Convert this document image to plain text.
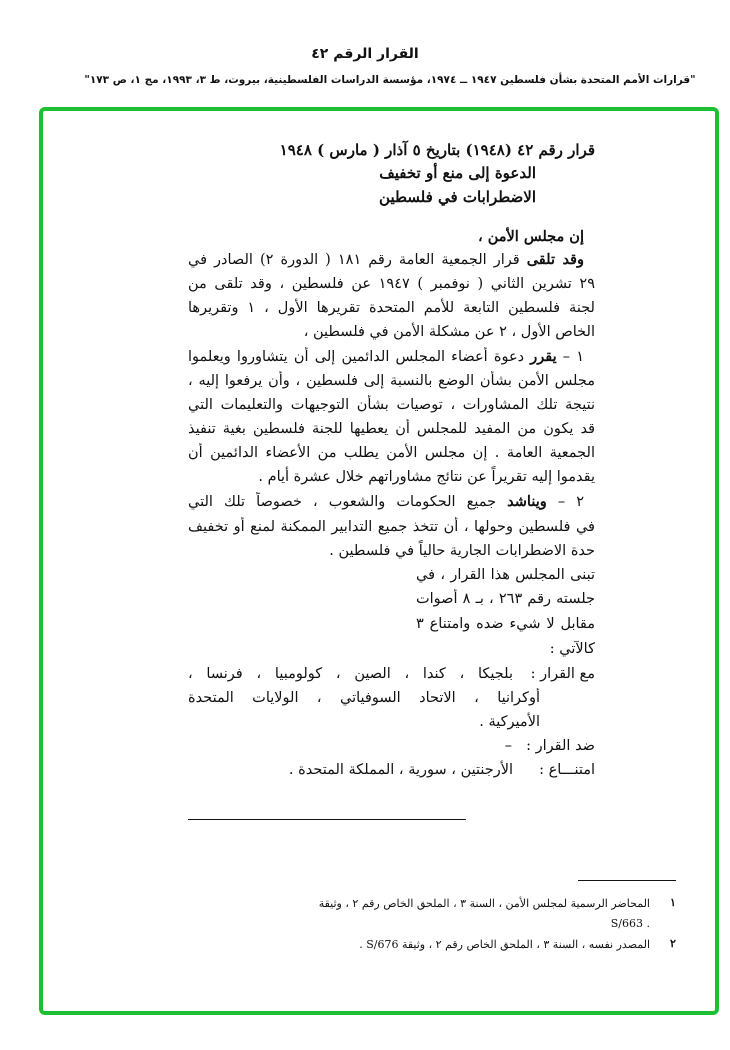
القرار الرقم ٤٢
"قرارات الأمم المتحدة بشأن فلسطين ١٩٤٧ ــ ١٩٧٤، مؤسسة الدراسات الفلسطينية، بيروت، ط ٣، ١٩٩٣، مج ١، ص ١٧٣"
قرار رقم ٤٢ (١٩٤٨) بتاريخ ٥ آذار ( مارس ) ١٩٤٨
الدعوة إلى منع أو تخفيف
الاضطرابات في فلسطين
إن مجلس الأمن ،
وقد تلقى قرار الجمعية العامة رقم ١٨١ ( الدورة ٢) الصادر في
٢٩ تشرين الثاني ( نوفمبر ) ١٩٤٧ عن فلسطين ، وقد تلقى من
لجنة فلسطين التابعة للأمم المتحدة تقريرها الأول ، ١ وتقريرها
الخاص الأول ، ٢ عن مشكلة الأمن في فلسطين ،
١ – يقرر دعوة أعضاء المجلس الدائمين إلى أن يتشاوروا ويعلموا
مجلس الأمن بشأن الوضع بالنسبة إلى فلسطين ، وأن يرفعوا إليه ،
نتيجة تلك المشاورات ، توصيات بشأن التوجيهات والتعليمات التي
قد يكون من المفيد للمجلس أن يعطيها للجنة فلسطين بغية تنفيذ
الجمعية العامة . إن مجلس الأمن يطلب من الأعضاء الدائمين أن
يقدموا إليه تقريراً عن نتائج مشاوراتهم خلال عشرة أيام .
٢ – ويناشد جميع الحكومات والشعوب ، خصوصاً تلك التي
في فلسطين وحولها ، أن تتخذ جميع التدابير الممكنة لمنع أو تخفيف
حدة الاضطرابات الجارية حالياً في فلسطين .
تبنى المجلس هذا القرار ، في
جلسته رقم ٢٦٣ ، بـ ٨ أصوات
مقابل لا شيء ضده وامتناع ٣
كالآتي :
مع القرار :
بلجيكا ، كندا ، الصين ، كولومبيا ، فرنسا ،
أوكرانيا ، الاتحاد السوفياتي ، الولايات المتحدة
الأميركية .
ضد القرار :
–
امتنـــاع :
الأرجنتين ، سورية ، المملكة المتحدة .
١
المحاضر الرسمية لمجلس الأمن ، السنة ٣ ، الملحق الخاص رقم ٢ ، وثيقة
. S/663
٢
المصدر نفسه ، السنة ٣ ، الملحق الخاص رقم ٢ ، وثيقة S/676 .
